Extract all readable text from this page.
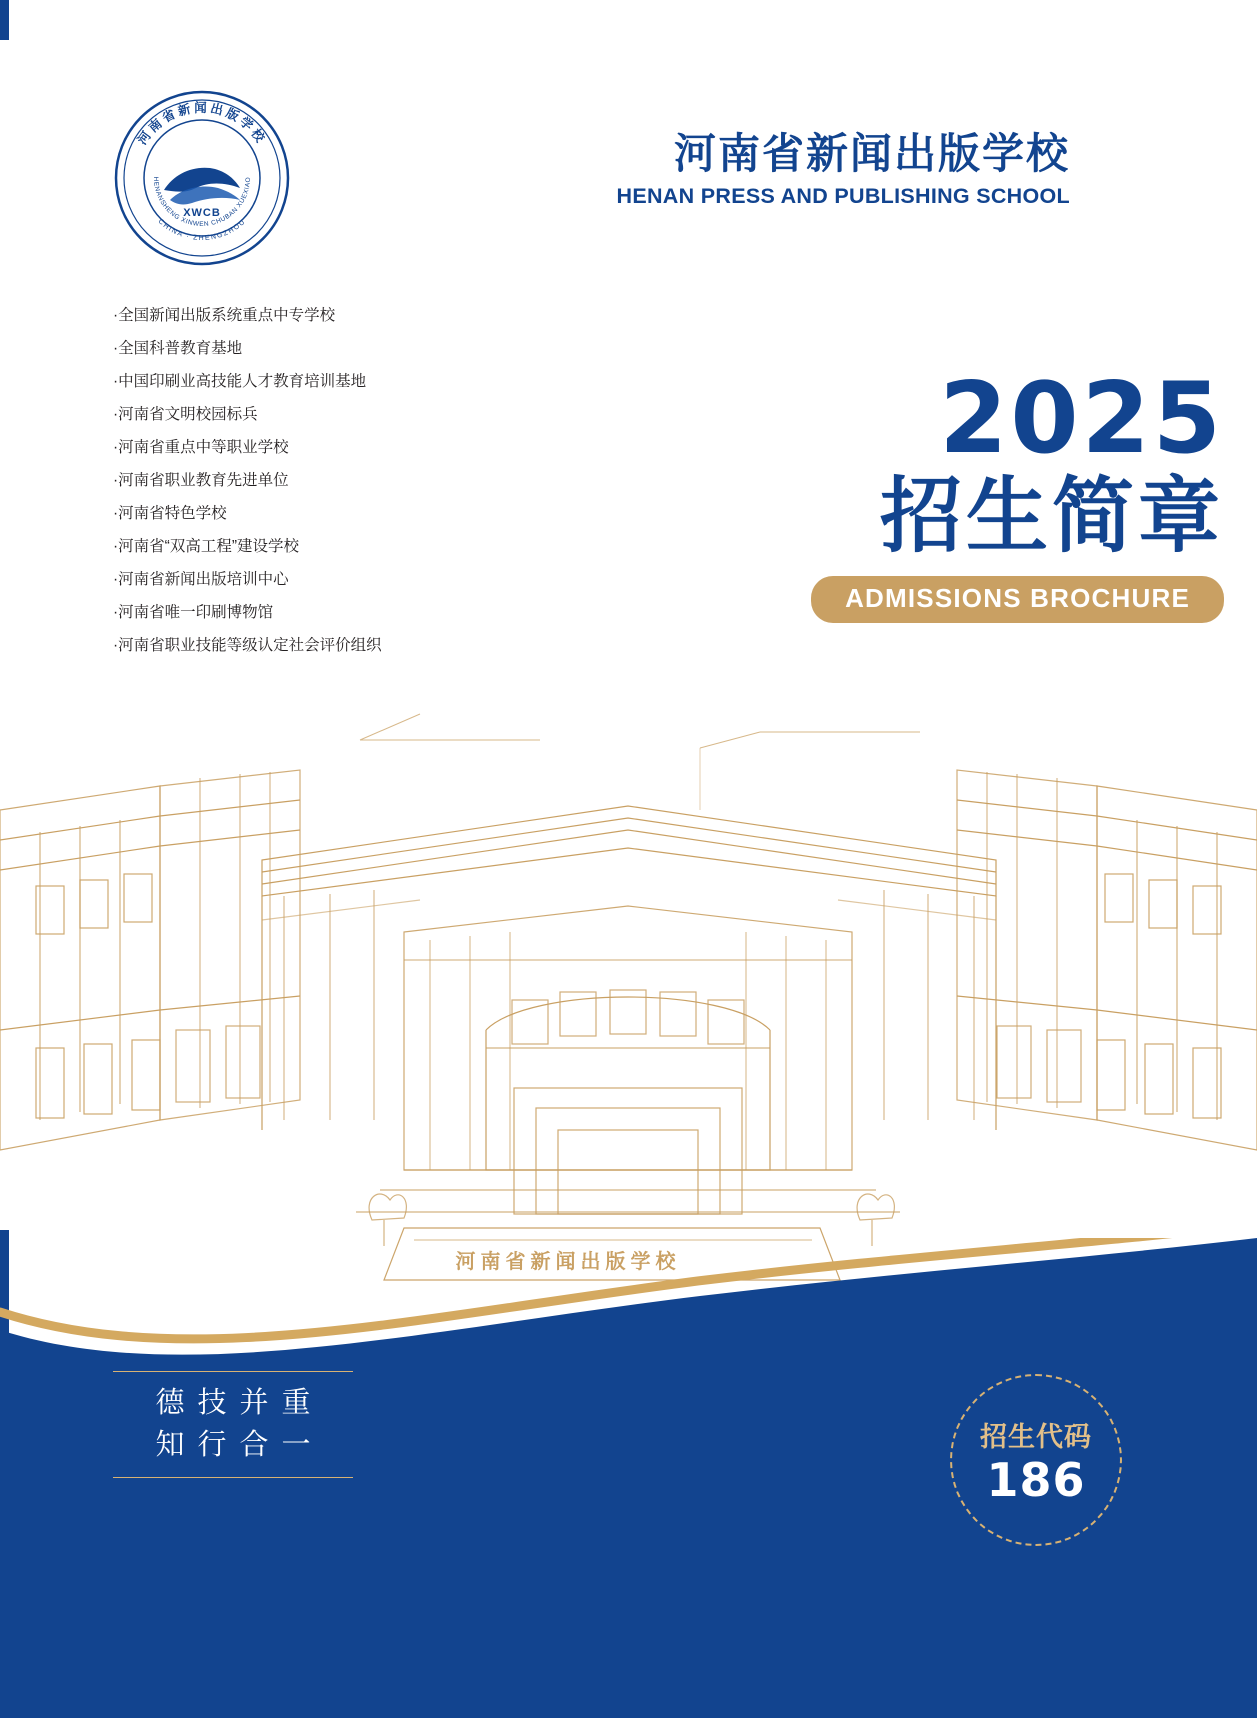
河南省新闻出版学校
HENANSHENG XINWEN CHUBAN XUEXIAO
CHINA · ZHENGZHOU
XWCB
河南省新闻出版学校
HENAN PRESS AND PUBLISHING SCHOOL
·全国新闻出版系统重点中专学校
·全国科普教育基地
·中国印刷业高技能人才教育培训基地
·河南省文明校园标兵
·河南省重点中等职业学校
·河南省职业教育先进单位
·河南省特色学校
·河南省“双高工程”建设学校
·河南省新闻出版培训中心
·河南省唯一印刷博物馆
·河南省职业技能等级认定社会评价组织
2025
招生简章
ADMISSIONS BROCHURE
河南省新闻出版学校
德技并重
知行合一	招生代码
186
